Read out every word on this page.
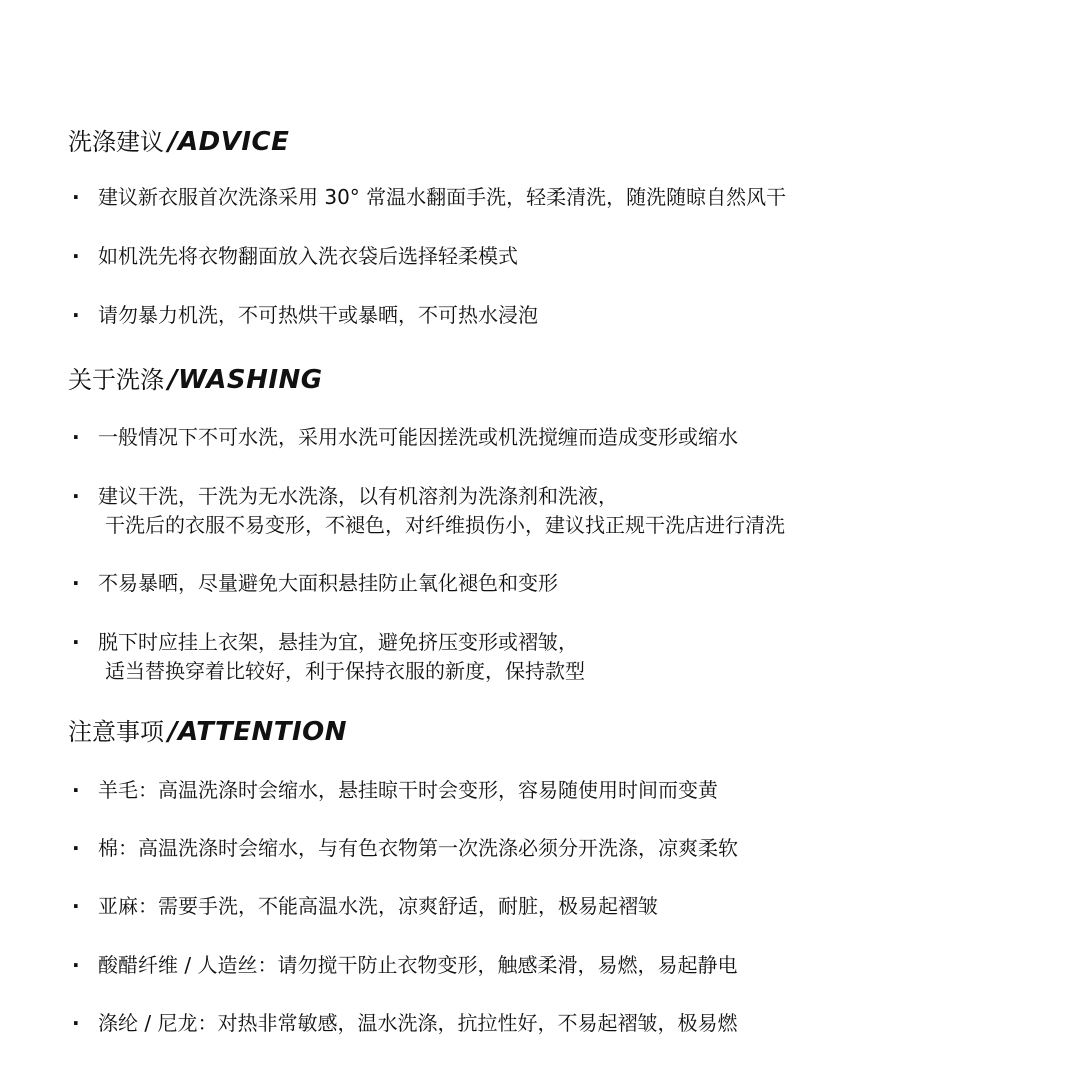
洗涤建议 /ADVICE
· 建议新衣服首次洗涤采用 30° 常温水翻面手洗，轻柔清洗，随洗随晾自然风干
· 如机洗先将衣物翻面放入洗衣袋后选择轻柔模式
· 请勿暴力机洗，不可热烘干或暴晒，不可热水浸泡
关于洗涤 /WASHING
· 一般情况下不可水洗，采用水洗可能因搓洗或机洗搅缠而造成变形或缩水
· 建议干洗，干洗为无水洗涤，以有机溶剂为洗涤剂和洗液，
干洗后的衣服不易变形，不褪色，对纤维损伤小，建议找正规干洗店进行清洗
· 不易暴晒，尽量避免大面积悬挂防止氧化褪色和变形
· 脱下时应挂上衣架，悬挂为宜，避免挤压变形或褶皱，
适当替换穿着比较好，利于保持衣服的新度，保持款型
注意事项 /ATTENTION
· 羊毛：高温洗涤时会缩水，悬挂晾干时会变形，容易随使用时间而变黄
· 棉：高温洗涤时会缩水，与有色衣物第一次洗涤必须分开洗涤，凉爽柔软
· 亚麻：需要手洗，不能高温水洗，凉爽舒适，耐脏，极易起褶皱
· 酸醋纤维 / 人造丝：请勿搅干防止衣物变形，触感柔滑，易燃，易起静电
· 涤纶 / 尼龙：对热非常敏感，温水洗涤，抗拉性好，不易起褶皱，极易燃
